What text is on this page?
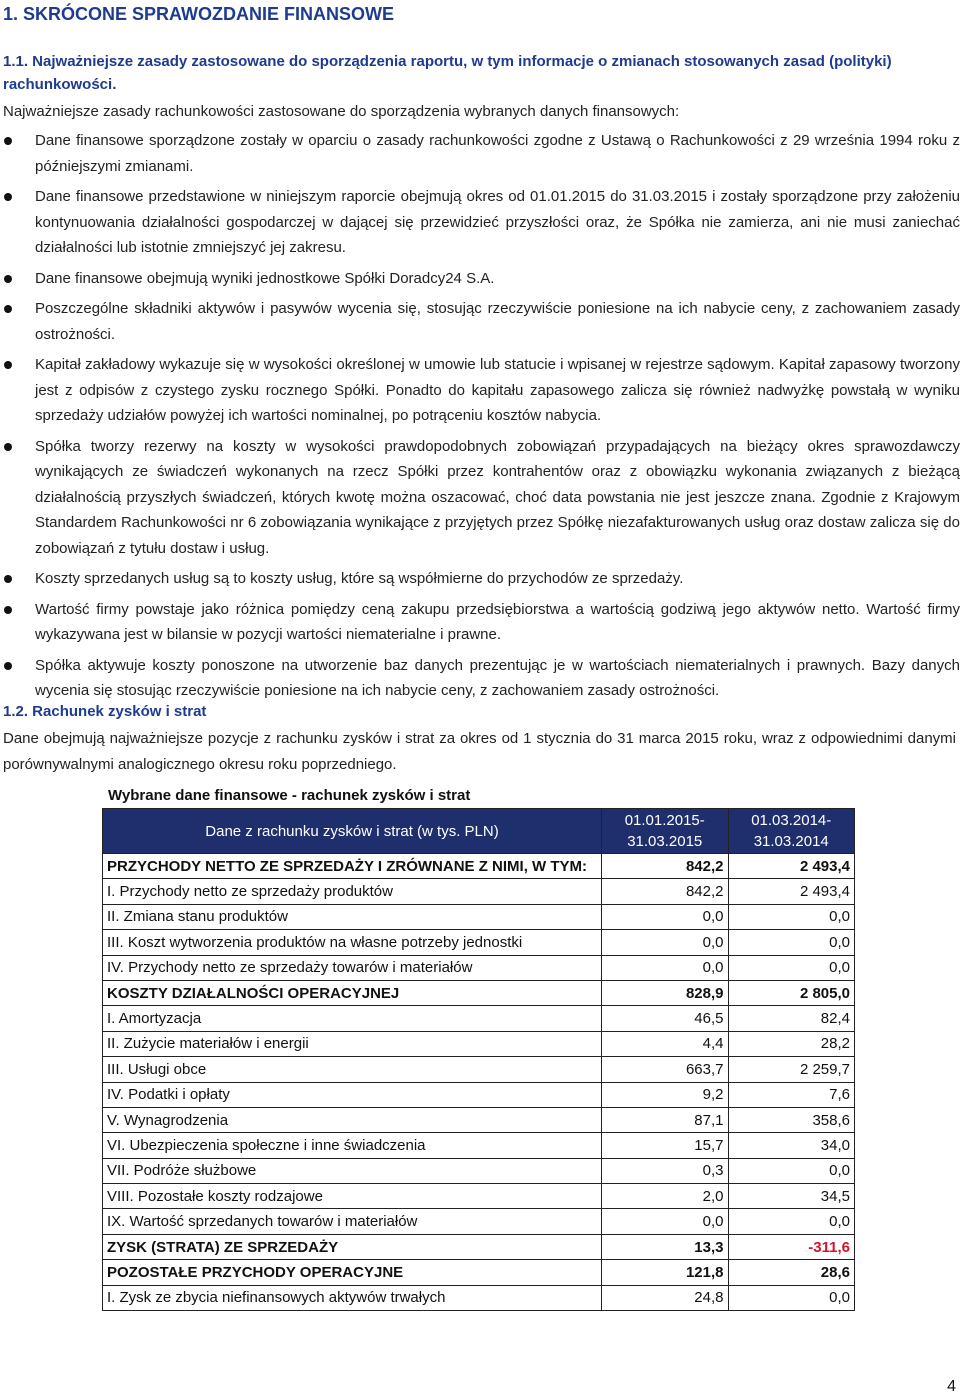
1. SKRÓCONE SPRAWOZDANIE FINANSOWE
1.1. Najważniejsze zasady zastosowane do sporządzenia raportu, w tym informacje o zmianach stosowanych zasad (polityki) rachunkowości.
Najważniejsze zasady rachunkowości zastosowane do sporządzenia wybranych danych finansowych:
Dane finansowe sporządzone zostały w oparciu o zasady rachunkowości zgodne z Ustawą o Rachunkowości z 29 września 1994 roku z późniejszymi zmianami.
Dane finansowe przedstawione w niniejszym raporcie obejmują okres od 01.01.2015 do 31.03.2015 i zostały sporządzone przy założeniu kontynuowania działalności gospodarczej w dającej się przewidzieć przyszłości oraz, że Spółka nie zamierza, ani nie musi zaniechać działalności lub istotnie zmniejszyć jej zakresu.
Dane finansowe obejmują wyniki jednostkowe Spółki Doradcy24 S.A.
Poszczególne składniki aktywów i pasywów wycenia się, stosując rzeczywiście poniesione na ich nabycie ceny, z zachowaniem zasady ostrożności.
Kapitał zakładowy wykazuje się w wysokości określonej w umowie lub statucie i wpisanej w rejestrze sądowym. Kapitał zapasowy tworzony jest z odpisów z czystego zysku rocznego Spółki. Ponadto do kapitału zapasowego zalicza się również nadwyżkę powstałą w wyniku sprzedaży udziałów powyżej ich wartości nominalnej, po potrąceniu kosztów nabycia.
Spółka tworzy rezerwy na koszty w wysokości prawdopodobnych zobowiązań przypadających na bieżący okres sprawozdawczy wynikających ze świadczeń wykonanych na rzecz Spółki przez kontrahentów oraz z obowiązku wykonania związanych z bieżącą działalnością przyszłych świadczeń, których kwotę można oszacować, choć data powstania nie jest jeszcze znana. Zgodnie z Krajowym Standardem Rachunkowości nr 6 zobowiązania wynikające z przyjętych przez Spółkę niezafakturowanych usług oraz dostaw zalicza się do zobowiązań z tytułu dostaw i usług.
Koszty sprzedanych usług są to koszty usług, które są współmierne do przychodów ze sprzedaży.
Wartość firmy powstaje jako różnica pomiędzy ceną zakupu przedsiębiorstwa a wartością godziwą jego aktywów netto. Wartość firmy wykazywana jest w bilansie w pozycji wartości niematerialne i prawne.
Spółka aktywuje koszty ponoszone na utworzenie baz danych prezentując je w wartościach niematerialnych i prawnych. Bazy danych wycenia się stosując rzeczywiście poniesione na ich nabycie ceny, z zachowaniem zasady ostrożności.
1.2. Rachunek zysków i strat
Dane obejmują najważniejsze pozycje z rachunku zysków i strat za okres od 1 stycznia do 31 marca 2015 roku, wraz z odpowiednimi danymi porównywalnymi analogicznego okresu roku poprzedniego.
Wybrane dane finansowe - rachunek zysków i strat
Dane z rachunku zysków i strat (w tys. PLN)	01.01.2015-31.03.2015	01.03.2014-31.03.2014
PRZYCHODY NETTO ZE SPRZEDAŻY I ZRÓWNANE Z NIMI, W TYM:	842,2	2 493,4
I. Przychody netto ze sprzedaży produktów	842,2	2 493,4
II. Zmiana stanu produktów	0,0	0,0
III. Koszt wytworzenia produktów na własne potrzeby jednostki	0,0	0,0
IV. Przychody netto ze sprzedaży towarów i materiałów	0,0	0,0
KOSZTY DZIAŁALNOŚCI OPERACYJNEJ	828,9	2 805,0
I. Amortyzacja	46,5	82,4
II. Zużycie materiałów i energii	4,4	28,2
III. Usługi obce	663,7	2 259,7
IV. Podatki i opłaty	9,2	7,6
V. Wynagrodzenia	87,1	358,6
VI. Ubezpieczenia społeczne i inne świadczenia	15,7	34,0
VII. Podróże służbowe	0,3	0,0
VIII. Pozostałe koszty rodzajowe	2,0	34,5
IX. Wartość sprzedanych towarów i materiałów	0,0	0,0
ZYSK (STRATA) ZE SPRZEDAŻY	13,3	-311,6
POZOSTAŁE PRZYCHODY OPERACYJNE	121,8	28,6
I. Zysk ze zbycia niefinansowych aktywów trwałych	24,8	0,0
4
